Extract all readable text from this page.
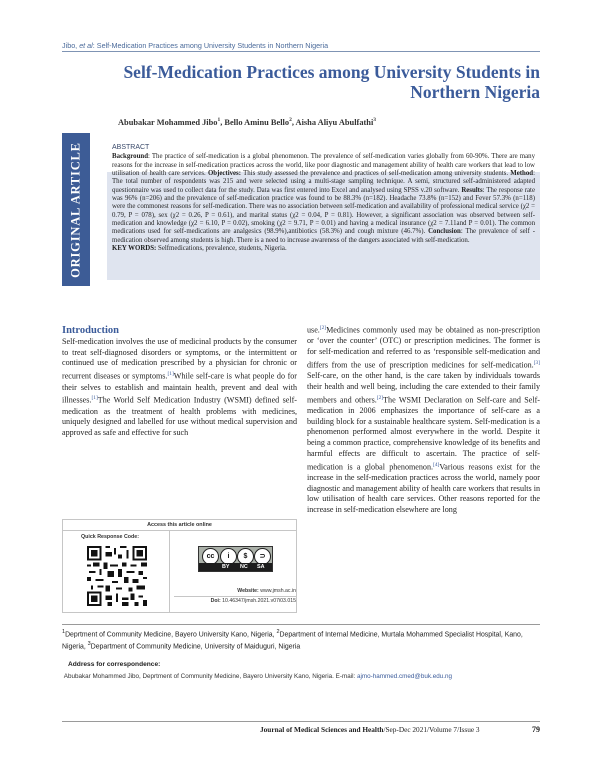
Jibo, et al: Self-Medication Practices among University Students in Northern Nigeria
Self-Medication Practices among University Students in Northern Nigeria
Abubakar Mohammed Jibo$^1$, Bello Aminu Bello$^2$, Aisha Aliyu Abulfathi$^3$
ORIGINAL ARTICLE	ABSTRACT

Background: The practice of self-medication is a global phenomenon. The prevalence of self-medication varies globally from 60-90%. There are many reasons for the increase in self-medication practices across the world, like poor diagnostic and management ability of health care workers that lead to low utilisation of health care services. Objectives: This study assessed the prevalence and practices of self-medication among university students. Method: The total number of respondents was 215 and were selected using a multi-stage sampling technique. A semi, structured self-administered adapted questionnaire was used to collect data for the study. Data was first entered into Excel and analysed using SPSS v.20 software. Results: The response rate was 96% (n=206) and the prevalence of self-medication practice was found to be 88.3% (n=182). Headache 73.8% (n=152) and Fever 57.3% (n=118) were the commonest reasons for self-medication. There was no association between self-medication and availability of professional medical service (χ2 = 0.79, P = 078), sex (χ2 = 0.26, P = 0.61), and marital status (χ2 = 0.04, P = 0.81). However, a significant association was observed between self-medication and knowledge (χ2 = 6.10, P = 0.02), smoking (χ2 = 9.71, P = 0.01) and having a medical insurance (χ2 = 7.11and P = 0.01). The common medications used for self-medications are analgesics (98.9%),antibiotics (58.3%) and cough mixture (46.7%). Conclusion: The prevalence of self -medication observed among students is high. There is a need to increase awareness of the dangers associated with self-medication.
KEY WORDS: Selfmedications, prevalence, students, Nigeria.

Introduction

Self-medication involves the use of medicinal products by the consumer to treat self-diagnosed disorders or symptoms, or the intermittent or continued use of medication prescribed by a physician for chronic or recurrent diseases or symptoms.[1]While self-care is what people do for their selves to establish and maintain health, prevent and deal with illnesses.[1]The World Self Medication Industry (WSMI) defined self-medication as the treatment of health problems with medicines, uniquely designed and labelled for use without medical supervision and approved as safe and effective for such

use.[2]Medicines commonly used may be obtained as non-prescription or ‘over the counter’ (OTC) or prescription medicines. The former is for self-medication and referred to as ‘responsible self-medication and differs from the use of prescription medicines for self-medication.[3] Self-care, on the other hand, is the care taken by individuals towards their health and well being, including the care extended to their family members and others.[2]The WSMI Declaration on Self-care and Self-medication in 2006 emphasizes the importance of self-care as a building block for a sustainable healthcare system. Self-medication is a phenomenon performed almost everywhere in the world. Despite it being a common practice, comprehensive knowledge of its benefits and harmful effects are difficult to ascertain. The practice of self-medication is a global phenomenon.[4]Various reasons exist for the increase in the self-medication practices across the world, namely poor diagnostic and management ability of health care workers that results in low utilisation of health care services. Other reasons reported for the increase in self-medication elsewhere are long

Access this article online
Quick Response Code:
cc	i	$	⊃
BY NC SA
Website: www.jmsh.ac.in
Doi: 10.46347/jmsh.2021.v07i03.015
$^1$Deprtment of Community Medicine, Bayero University Kano, Nigeria, $^2$Department of Internal Medicine, Murtala Mohammed Specialist Hospital, Kano, Nigeria, $^3$Department of Community Medicine, University of Maiduguri, Nigeria
Address for correspondence:
Abubakar Mohammed Jibo, Deprtment of Community Medicine, Bayero University Kano, Nigeria. E-mail: ajmo-hammed.cmed@buk.edu.ng
Journal of Medical Sciences and Health/Sep-Dec 2021/Volume 7/Issue 3	79
